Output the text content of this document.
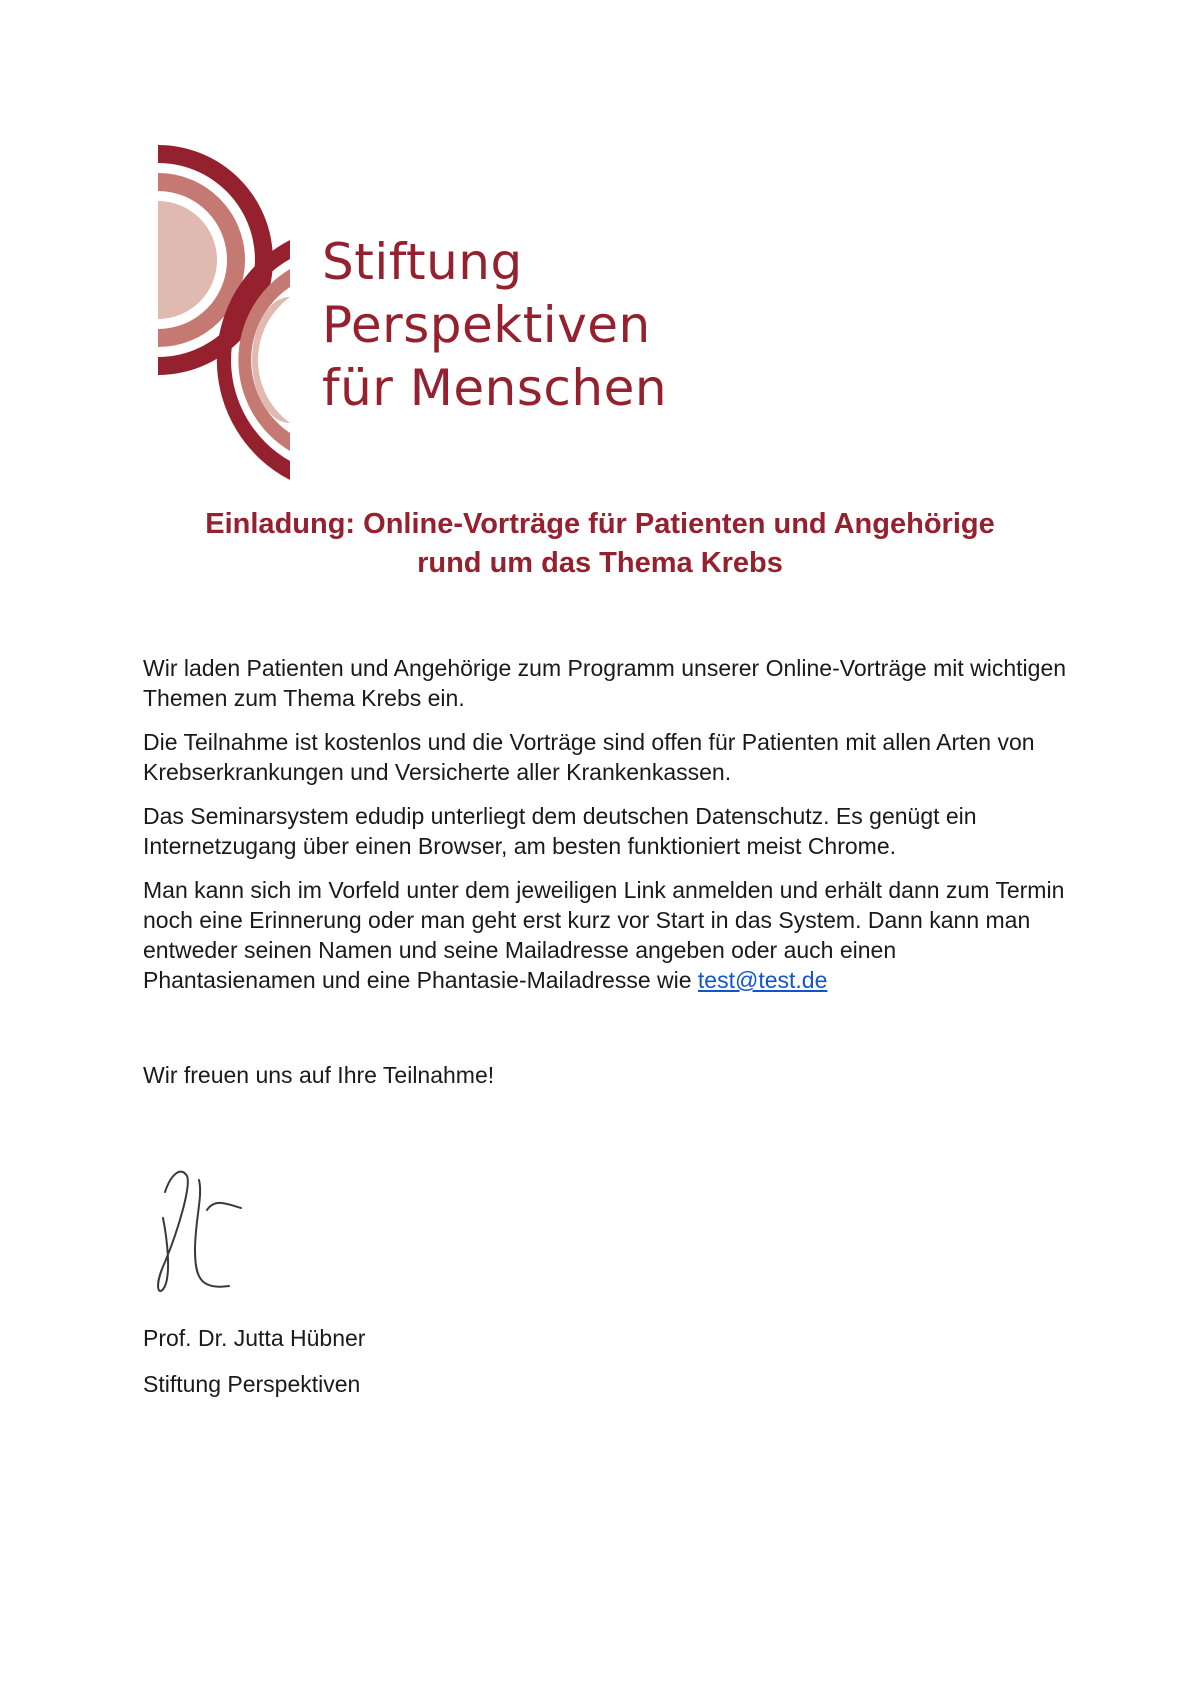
Stiftung
Perspektiven
für Menschen
Einladung: Online-Vorträge für Patienten und Angehörige
rund um das Thema Krebs

Wir laden Patienten und Angehörige zum Programm unserer Online-Vorträge mit wichtigen Themen zum Thema Krebs ein.

Die Teilnahme ist kostenlos und die Vorträge sind offen für Patienten mit allen Arten von Krebserkrankungen und Versicherte aller Krankenkassen.

Das Seminarsystem edudip unterliegt dem deutschen Datenschutz. Es genügt ein Internetzugang über einen Browser, am besten funktioniert meist Chrome.

Man kann sich im Vorfeld unter dem jeweiligen Link anmelden und erhält dann zum Termin noch eine Erinnerung oder man geht erst kurz vor Start in das System. Dann kann man entweder seinen Namen und seine Mailadresse angeben oder auch einen Phantasienamen und eine Phantasie-Mailadresse wie test@test.de

Wir freuen uns auf Ihre Teilnahme!

Prof. Dr. Jutta Hübner

Stiftung Perspektiven
